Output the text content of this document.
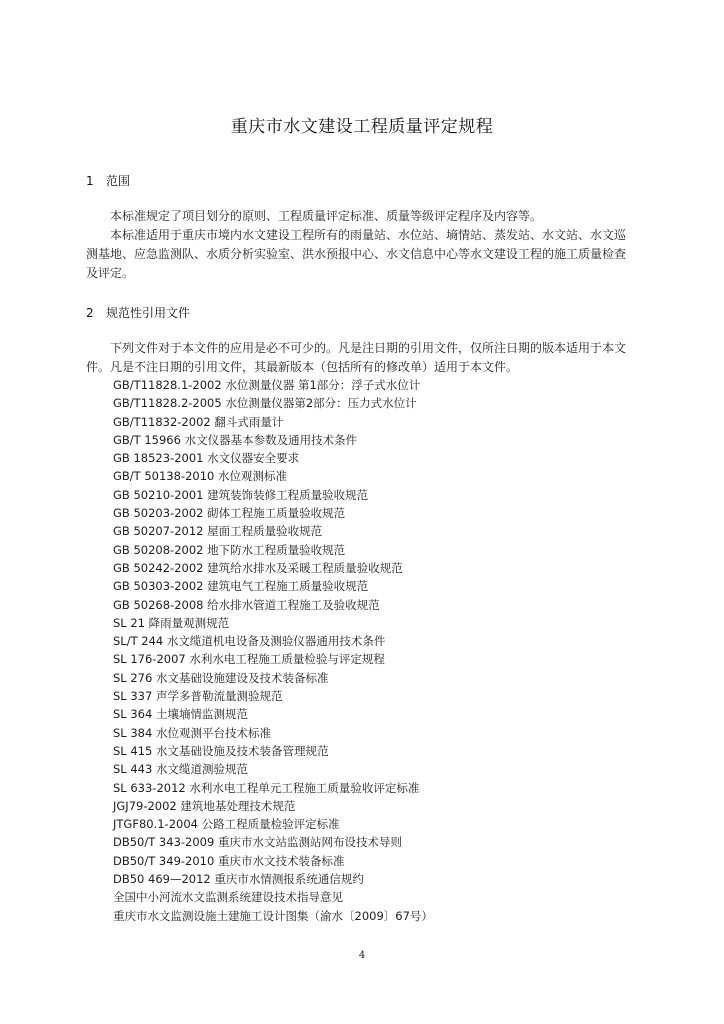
重庆市水文建设工程质量评定规程
1 范围
本标准规定了项目划分的原则、工程质量评定标准、质量等级评定程序及内容等。
本标准适用于重庆市境内水文建设工程所有的雨量站、水位站、墒情站、蒸发站、水文站、水文巡
测基地、应急监测队、水质分析实验室、洪水预报中心、水文信息中心等水文建设工程的施工质量检查
及评定。
2 规范性引用文件
下列文件对于本文件的应用是必不可少的。凡是注日期的引用文件，仅所注日期的版本适用于本文
件。凡是不注日期的引用文件，其最新版本（包括所有的修改单）适用于本文件。
GB/T11828.1-2002 水位测量仪器 第1部分：浮子式水位计
GB/T11828.2-2005 水位测量仪器第2部分：压力式水位计
GB/T11832-2002 翻斗式雨量计
GB/T 15966 水文仪器基本参数及通用技术条件
GB 18523-2001 水文仪器安全要求
GB/T 50138-2010 水位观测标准
GB 50210-2001 建筑装饰装修工程质量验收规范
GB 50203-2002 砌体工程施工质量验收规范
GB 50207-2012 屋面工程质量验收规范
GB 50208-2002 地下防水工程质量验收规范
GB 50242-2002 建筑给水排水及采暖工程质量验收规范
GB 50303-2002 建筑电气工程施工质量验收规范
GB 50268-2008 给水排水管道工程施工及验收规范
SL 21 降雨量观测规范
SL/T 244 水文缆道机电设备及测验仪器通用技术条件
SL 176-2007 水利水电工程施工质量检验与评定规程
SL 276 水文基础设施建设及技术装备标准
SL 337 声学多普勒流量测验规范
SL 364 土壤墒情监测规范
SL 384 水位观测平台技术标准
SL 415 水文基础设施及技术装备管理规范
SL 443 水文缆道测验规范
SL 633-2012 水利水电工程单元工程施工质量验收评定标准
JGJ79-2002 建筑地基处理技术规范
JTGF80.1-2004 公路工程质量检验评定标准
DB50/T 343-2009 重庆市水文站监测站网布设技术导则
DB50/T 349-2010 重庆市水文技术装备标准
DB50 469—2012 重庆市水情测报系统通信规约
全国中小河流水文监测系统建设技术指导意见
重庆市水文监测设施土建施工设计图集（渝水〔2009〕67号）
4
